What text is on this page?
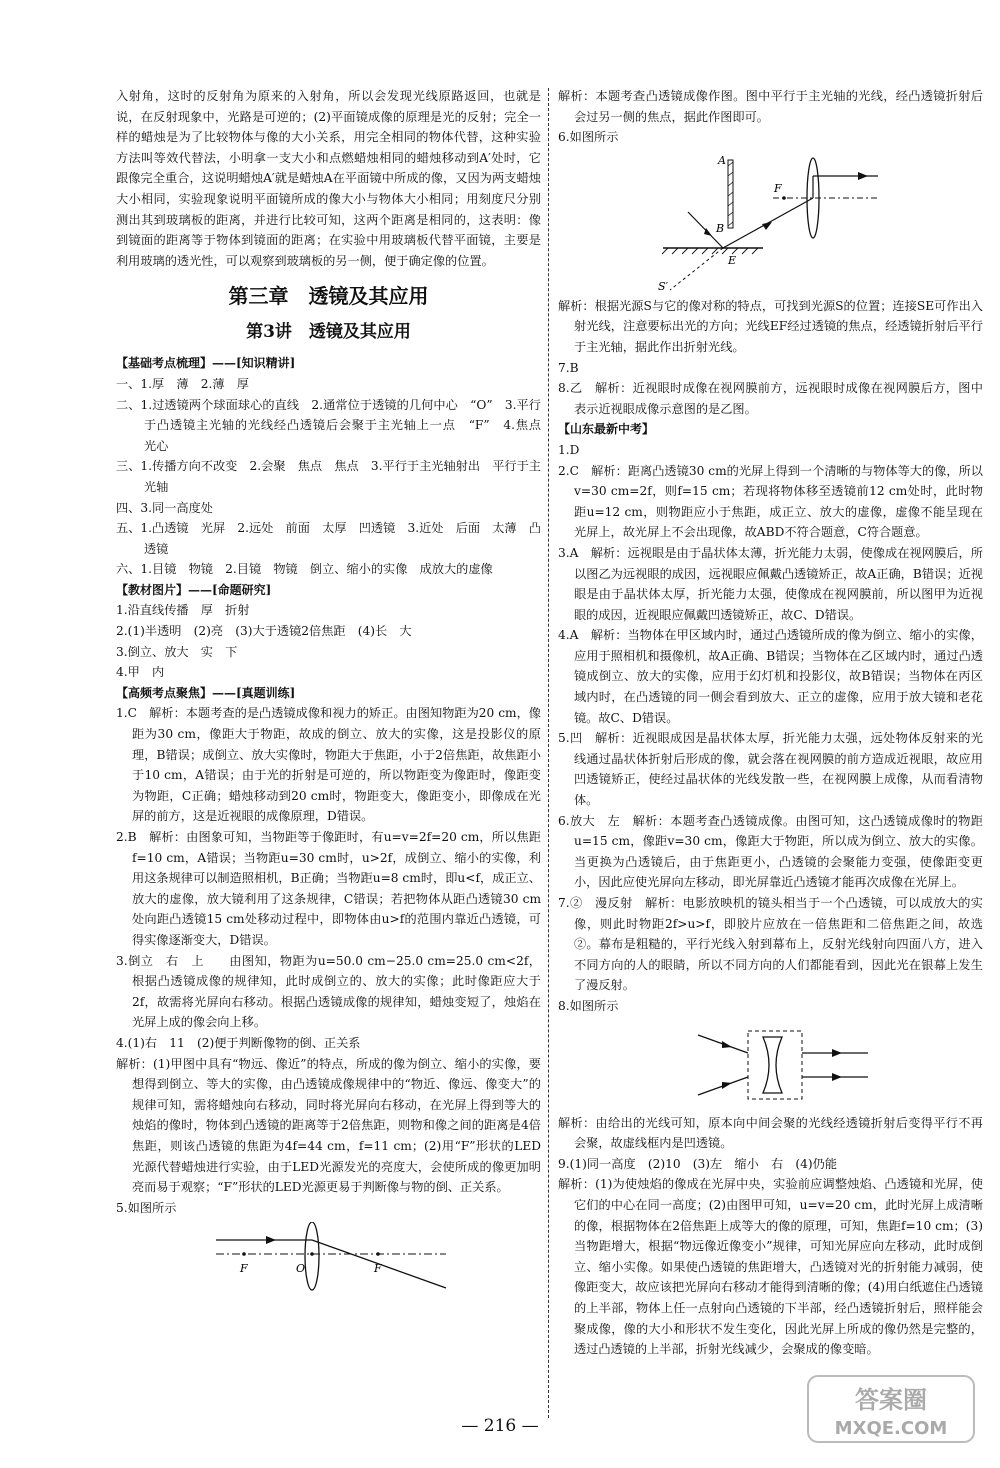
入射角，这时的反射角为原来的入射角，所以会发现光线原路返回，也就是说，在反射现象中，光路是可逆的；(2)平面镜成像的原理是光的反射；完全一样的蜡烛是为了比较物体与像的大小关系，用完全相同的物体代替，这种实验方法叫等效代替法，小明拿一支大小和点燃蜡烛相同的蜡烛移动到A′处时，它跟像完全重合，这说明蜡烛A′就是蜡烛A在平面镜中所成的像，又因为两支蜡烛大小相同，实验现象说明平面镜所成的像大小与物体大小相同；用刻度尺分别测出其到玻璃板的距离，并进行比较可知，这两个距离是相同的，这表明：像到镜面的距离等于物体到镜面的距离；在实验中用玻璃板代替平面镜，主要是利用玻璃的透光性，可以观察到玻璃板的另一侧，便于确定像的位置。

第三章　透镜及其应用
第3讲　透镜及其应用

【基础考点梳理】——[知识精讲]

一、1.厚　薄　2.薄　厚

二、1.过透镜两个球面球心的直线　2.通常位于透镜的几何中心　“O”　3.平行于凸透镜主光轴的光线经凸透镜后会聚于主光轴上一点　“F”　4.焦点　光心

三、1.传播方向不改变　2.会聚　焦点　焦点　3.平行于主光轴射出　平行于主光轴

四、3.同一高度处

五、1.凸透镜　光屏　2.远处　前面　太厚　凹透镜　3.近处　后面　太薄　凸透镜

六、1.目镜　物镜　2.目镜　物镜　倒立、缩小的实像　成放大的虚像

【教材图片】——[命题研究]

1.沿直线传播　厚　折射

2.(1)半透明　(2)亮　(3)大于透镜2倍焦距　(4)长　大

3.倒立、放大　实　下

4.甲　内

【高频考点聚焦】——[真题训练]

1.C　解析：本题考查的是凸透镜成像和视力的矫正。由图知物距为20 cm，像距为30 cm，像距大于物距，故成的倒立、放大的实像，这是投影仪的原理，B错误；成倒立、放大实像时，物距大于焦距，小于2倍焦距，故焦距小于10 cm，A错误；由于光的折射是可逆的，所以物距变为像距时，像距变为物距，C正确；蜡烛移动到20 cm时，物距变大，像距变小，即像成在光屏的前方，这是近视眼的成像原理，D错误。

2.B　解析：由图象可知，当物距等于像距时，有u=v=2f=20 cm，所以焦距f=10 cm，A错误；当物距u=30 cm时，u>2f，成倒立、缩小的实像，利用这条规律可以制造照相机，B正确；当物距u=8 cm时，即u<f，成正立、放大的虚像，放大镜利用了这条规律，C错误；若把物体从距凸透镜30 cm处向距凸透镜15 cm处移动过程中，即物体由u>f的范围内靠近凸透镜，可得实像逐渐变大，D错误。

3.倒立　右　上　　由图知，物距为u=50.0 cm−25.0 cm=25.0 cm<2f，根据凸透镜成像的规律知，此时成倒立的、放大的实像；此时像距应大于2f，故需将光屏向右移动。根据凸透镜成像的规律知，蜡烛变短了，烛焰在光屏上成的像会向上移。

4.(1)右　11　(2)便于判断像物的倒、正关系

解析：(1)甲图中具有“物远、像近”的特点，所成的像为倒立、缩小的实像，要想得到倒立、等大的实像，由凸透镜成像规律中的“物近、像远、像变大”的规律可知，需将蜡烛向右移动，同时将光屏向右移动，在光屏上得到等大的烛焰的像时，物体到凸透镜的距离等于2倍焦距，则物和像之间的距离是4倍焦距，则该凸透镜的焦距为4f=44 cm，f=11 cm；(2)用“F”形状的LED光源代替蜡烛进行实验，由于LED光源发光的亮度大，会使所成的像更加明亮而易于观察；“F”形状的LED光源更易于判断像与物的倒、正关系。

5.如图所示

F	O	F

解析：本题考查凸透镜成像作图。图中平行于主光轴的光线，经凸透镜折射后会过另一侧的焦点，据此作图即可。

6.如图所示

A
B
E
F
S′

解析：根据光源S与它的像对称的特点，可找到光源S的位置；连接SE可作出入射光线，注意要标出光的方向；光线EF经过透镜的焦点，经透镜折射后平行于主光轴，据此作出折射光线。

7.B

8.乙　解析：近视眼时成像在视网膜前方，远视眼时成像在视网膜后方，图中表示近视眼成像示意图的是乙图。

【山东最新中考】

1.D

2.C　解析：距离凸透镜30 cm的光屏上得到一个清晰的与物体等大的像，所以v=30 cm=2f，则f=15 cm；若现将物体移至透镜前12 cm处时，此时物距u=12 cm，则物距应小于焦距，成正立、放大的虚像，虚像不能呈现在光屏上，故光屏上不会出现像，故ABD不符合题意，C符合题意。

3.A　解析：远视眼是由于晶状体太薄，折光能力太弱，使像成在视网膜后，所以图乙为远视眼的成因，远视眼应佩戴凸透镜矫正，故A正确，B错误；近视眼是由于晶状体太厚，折光能力太强，使像成在视网膜前，所以图甲为近视眼的成因，近视眼应佩戴凹透镜矫正，故C、D错误。

4.A　解析：当物体在甲区域内时，通过凸透镜所成的像为倒立、缩小的实像，应用于照相机和摄像机，故A正确、B错误；当物体在乙区域内时，通过凸透镜成倒立、放大的实像，应用于幻灯机和投影仪，故B错误；当物体在丙区域内时，在凸透镜的同一侧会看到放大、正立的虚像，应用于放大镜和老花镜。故C、D错误。

5.凹　解析：近视眼成因是晶状体太厚，折光能力太强，远处物体反射来的光线通过晶状体折射后形成的像，就会落在视网膜的前方造成近视眼，故应用凹透镜矫正，使经过晶状体的光线发散一些，在视网膜上成像，从而看清物体。

6.放大　左　解析：本题考查凸透镜成像。由图可知，这凸透镜成像时的物距u=15 cm，像距v=30 cm，像距大于物距，所以成为倒立、放大的实像。当更换为凸透镜后，由于焦距更小，凸透镜的会聚能力变强，使像距变更小，因此应使光屏向左移动，即光屏靠近凸透镜才能再次成像在光屏上。

7.②　漫反射　解析：电影放映机的镜头相当于一个凸透镜，可以成放大的实像，则此时物距2f>u>f，即胶片应放在一倍焦距和二倍焦距之间，故选②。幕布是粗糙的，平行光线入射到幕布上，反射光线射向四面八方，进入不同方向的人的眼睛，所以不同方向的人们都能看到，因此光在银幕上发生了漫反射。

8.如图所示

解析：由给出的光线可知，原本向中间会聚的光线经透镜折射后变得平行不再会聚，故虚线框内是凹透镜。

9.(1)同一高度　(2)10　(3)左　缩小　右　(4)仍能

解析：(1)为使烛焰的像成在光屏中央，实验前应调整烛焰、凸透镜和光屏，使它们的中心在同一高度；(2)由图甲可知，u=v=20 cm，此时光屏上成清晰的像，根据物体在2倍焦距上成等大的像的原理，可知，焦距f=10 cm；(3)当物距增大，根据“物远像近像变小”规律，可知光屏应向左移动，此时成倒立、缩小实像。如果使凸透镜的焦距增大，凸透镜对光的折射能力减弱，使像距变大，故应该把光屏向右移动才能得到清晰的像；(4)用白纸遮住凸透镜的上半部，物体上任一点射向凸透镜的下半部，经凸透镜折射后，照样能会聚成像，像的大小和形状不发生变化，因此光屏上所成的像仍然是完整的，透过凸透镜的上半部，折射光线减少，会聚成的像变暗。

— 216 —
答案圈
MXQE.COM
